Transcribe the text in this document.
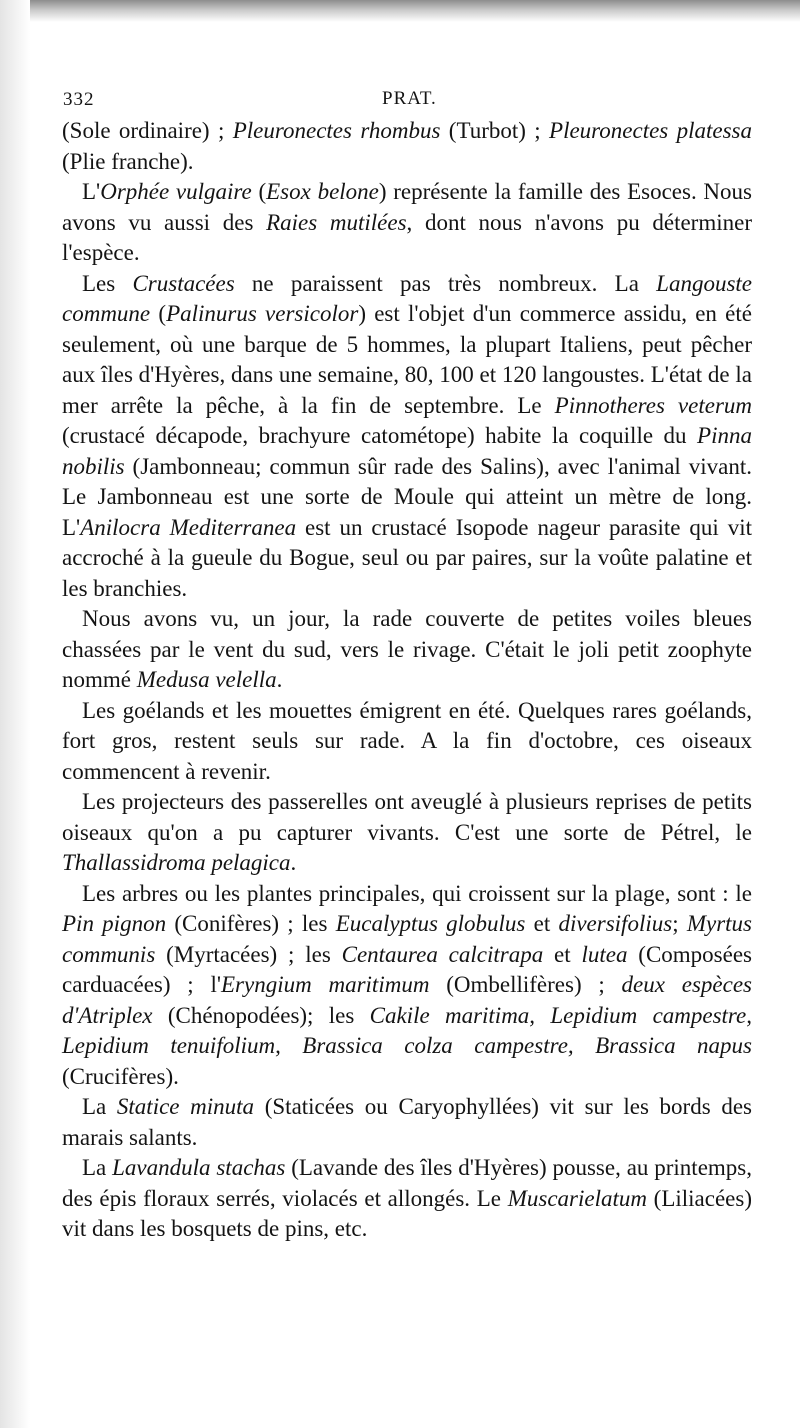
332	PRAT.

(Sole ordinaire) ; Pleuronectes rhombus (Turbot) ; Pleuronectes platessa (Plie franche).

L'Orphée vulgaire (Esox belone) représente la famille des Esoces. Nous avons vu aussi des Raies mutilées, dont nous n'avons pu déterminer l'espèce.

Les Crustacées ne paraissent pas très nombreux. La Langouste commune (Palinurus versicolor) est l'objet d'un commerce assidu, en été seulement, où une barque de 5 hommes, la plupart Italiens, peut pêcher aux îles d'Hyères, dans une semaine, 80, 100 et 120 langoustes. L'état de la mer arrête la pêche, à la fin de septembre. Le Pinnotheres veterum (crustacé décapode, brachyure catométope) habite la coquille du Pinna nobilis (Jambonneau; commun sûr rade des Salins), avec l'animal vivant. Le Jambonneau est une sorte de Moule qui atteint un mètre de long. L'Anilocra Mediterranea est un crustacé Isopode nageur parasite qui vit accroché à la gueule du Bogue, seul ou par paires, sur la voûte palatine et les branchies.

Nous avons vu, un jour, la rade couverte de petites voiles bleues chassées par le vent du sud, vers le rivage. C'était le joli petit zoophyte nommé Medusa velella.

Les goélands et les mouettes émigrent en été. Quelques rares goélands, fort gros, restent seuls sur rade. A la fin d'octobre, ces oiseaux commencent à revenir.

Les projecteurs des passerelles ont aveuglé à plusieurs reprises de petits oiseaux qu'on a pu capturer vivants. C'est une sorte de Pétrel, le Thallassidroma pelagica.

Les arbres ou les plantes principales, qui croissent sur la plage, sont : le Pin pignon (Conifères) ; les Eucalyptus globulus et diversifolius; Myrtus communis (Myrtacées) ; les Centaurea calcitrapa et lutea (Composées carduacées) ; l'Eryngium maritimum (Ombellifères) ; deux espèces d'Atriplex (Chénopodées); les Cakile maritima, Lepidium campestre, Lepidium tenuifolium, Brassica colza campestre, Brassica napus (Crucifères).

La Statice minuta (Staticées ou Caryophyllées) vit sur les bords des marais salants.

La Lavandula stachas (Lavande des îles d'Hyères) pousse, au printemps, des épis floraux serrés, violacés et allongés. Le Muscarielatum (Liliacées) vit dans les bosquets de pins, etc.
